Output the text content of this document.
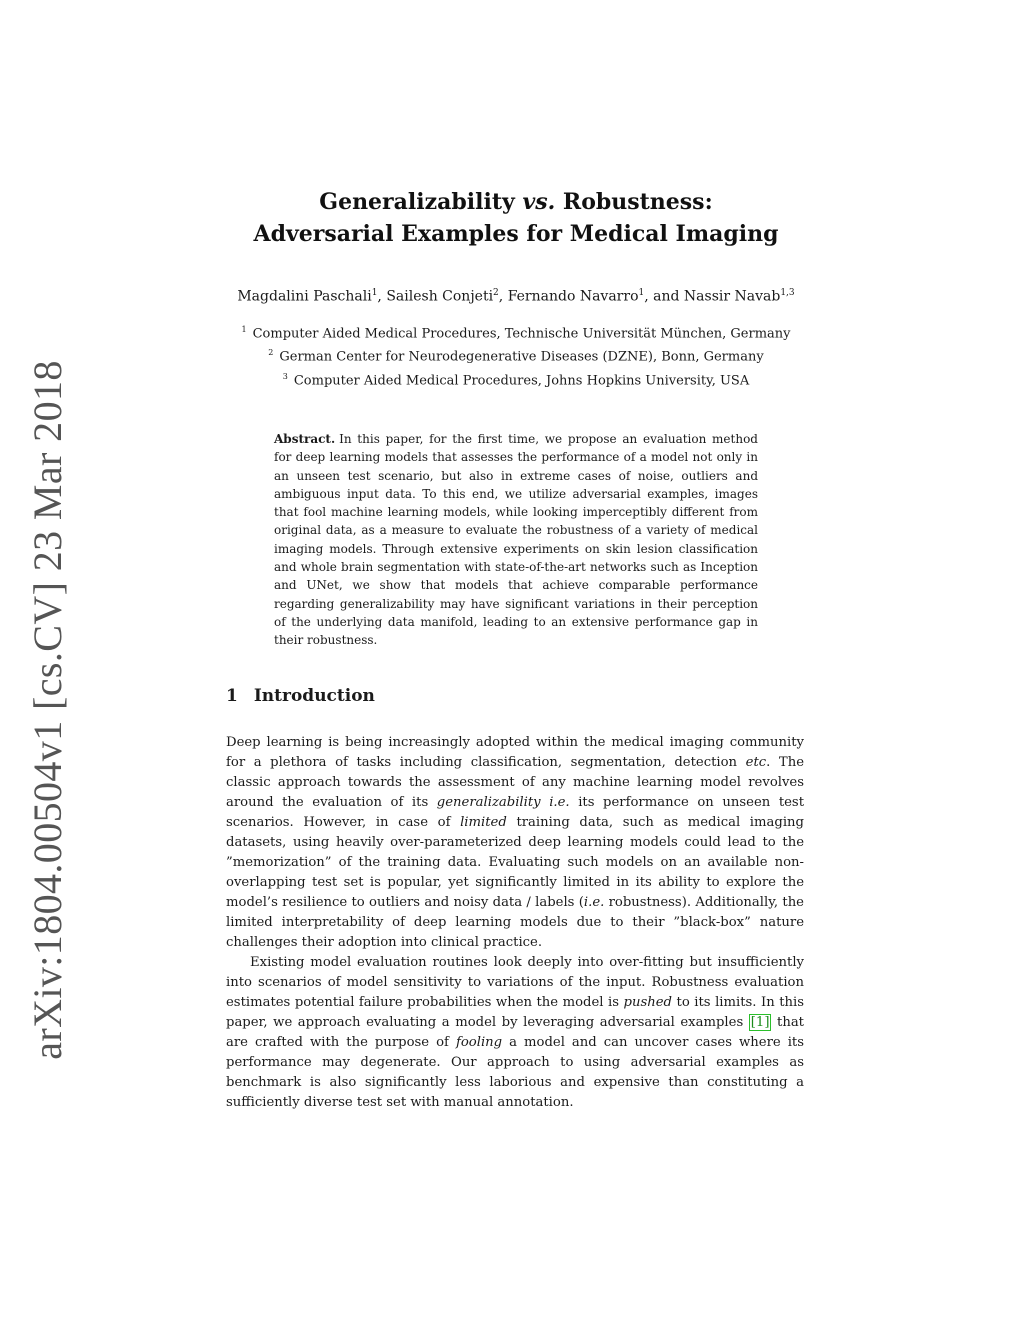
arXiv:1804.00504v1 [cs.CV] 23 Mar 2018
Generalizability vs. Robustness:
Adversarial Examples for Medical Imaging
Magdalini Paschali$^1$, Sailesh Conjeti$^2$, Fernando Navarro$^1$, and Nassir Navab$^{1,3}$
$^1$ Computer Aided Medical Procedures, Technische Universität München, Germany
$^2$ German Center for Neurodegenerative Diseases (DZNE), Bonn, Germany
$^3$ Computer Aided Medical Procedures, Johns Hopkins University, USA
Abstract. In this paper, for the first time, we propose an evaluation method for deep learning models that assesses the performance of a model not only in an unseen test scenario, but also in extreme cases of noise, outliers and ambiguous input data. To this end, we utilize adversarial examples, images that fool machine learning models, while looking imperceptibly different from original data, as a measure to evaluate the robustness of a variety of medical imaging models. Through extensive experiments on skin lesion classification and whole brain segmentation with state-of-the-art networks such as Inception and UNet, we show that models that achieve comparable performance regarding generalizability may have significant variations in their perception of the underlying data manifold, leading to an extensive performance gap in their robustness.
1 Introduction

Deep learning is being increasingly adopted within the medical imaging community for a plethora of tasks including classification, segmentation, detection etc. The classic approach towards the assessment of any machine learning model revolves around the evaluation of its generalizability i.e. its performance on unseen test scenarios. However, in case of limited training data, such as medical imaging datasets, using heavily over-parameterized deep learning models could lead to the ”memorization” of the training data. Evaluating such models on an available non-overlapping test set is popular, yet significantly limited in its ability to explore the model’s resilience to outliers and noisy data / labels (i.e. robustness). Additionally, the limited interpretability of deep learning models due to their ”black-box” nature challenges their adoption into clinical practice.

Existing model evaluation routines look deeply into over-fitting but insufficiently into scenarios of model sensitivity to variations of the input. Robustness evaluation estimates potential failure probabilities when the model is pushed to its limits. In this paper, we approach evaluating a model by leveraging adversarial examples [1] that are crafted with the purpose of fooling a model and can uncover cases where its performance may degenerate. Our approach to using adversarial examples as benchmark is also significantly less laborious and expensive than constituting a sufficiently diverse test set with manual annotation.
